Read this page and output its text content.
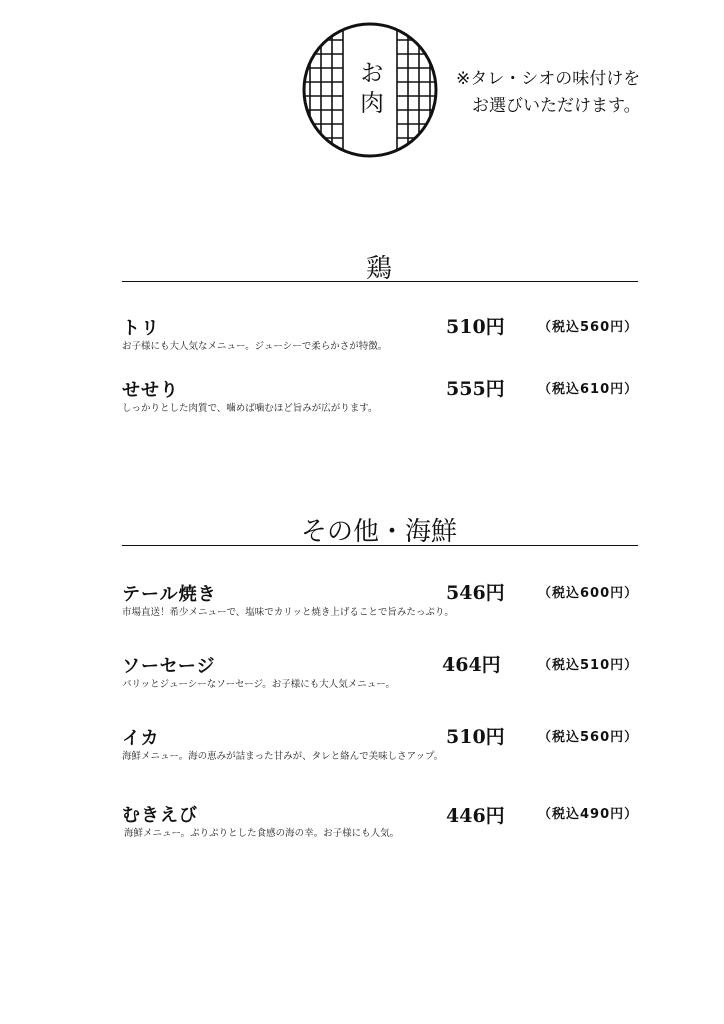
お肉	※タレ・シオの味付けを
お選びいただけます。
鶏
トリ
お子様にも大人気なメニュー。ジューシーで柔らかさが特徴。
510円	（税込560円）
せせり
しっかりとした肉質で、噛めば噛むほど旨みが広がります。
555円	（税込610円）
その他・海鮮
テール焼き
市場直送！希少メニューで、塩味でカリッと焼き上げることで旨みたっぷり。
546円	（税込600円）
ソーセージ
パリッとジューシーなソーセージ。お子様にも大人気メニュー。
464円	（税込510円）
イカ
海鮮メニュー。海の恵みが詰まった甘みが、タレと絡んで美味しさアップ。
510円	（税込560円）
むきえび
海鮮メニュー。ぷりぷりとした食感の海の幸。お子様にも人気。
446円	（税込490円）
